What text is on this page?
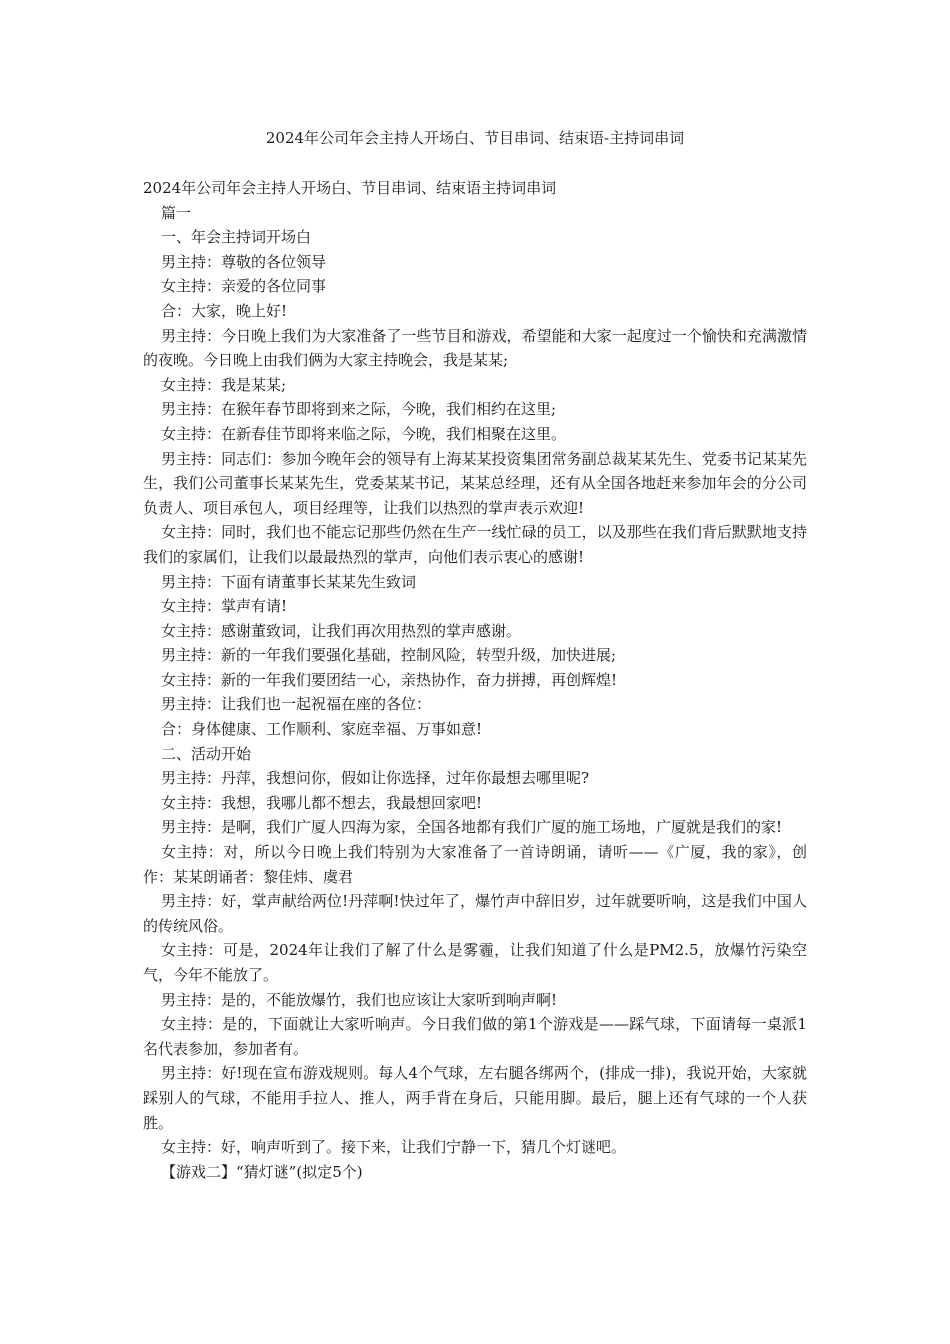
2024年公司年会主持人开场白、节目串词、结束语-主持词串词

2024年公司年会主持人开场白、节目串词、结束语主持词串词

篇一

一、年会主持词开场白

男主持：尊敬的各位领导

女主持：亲爱的各位同事

合：大家，晚上好!

男主持：今日晚上我们为大家准备了一些节目和游戏，希望能和大家一起度过一个愉快和充满激情的夜晚。今日晚上由我们俩为大家主持晚会，我是某某;

女主持：我是某某;

男主持：在猴年春节即将到来之际，今晚，我们相约在这里;

女主持：在新春佳节即将来临之际，今晚，我们相聚在这里。

男主持：同志们：参加今晚年会的领导有上海某某投资集团常务副总裁某某先生、党委书记某某先生，我们公司董事长某某先生，党委某某书记，某某总经理，还有从全国各地赶来参加年会的分公司负责人、项目承包人，项目经理等，让我们以热烈的掌声表示欢迎!

女主持：同时，我们也不能忘记那些仍然在生产一线忙碌的员工，以及那些在我们背后默默地支持我们的家属们，让我们以最最热烈的掌声，向他们表示衷心的感谢!

男主持：下面有请董事长某某先生致词

女主持：掌声有请!

女主持：感谢董致词，让我们再次用热烈的掌声感谢。

男主持：新的一年我们要强化基础，控制风险，转型升级，加快进展;

女主持：新的一年我们要团结一心，亲热协作，奋力拼搏，再创辉煌!

男主持：让我们也一起祝福在座的各位：

合：身体健康、工作顺利、家庭幸福、万事如意!

二、活动开始

男主持：丹萍，我想问你，假如让你选择，过年你最想去哪里呢?

女主持：我想，我哪儿都不想去，我最想回家吧!

男主持：是啊，我们广厦人四海为家，全国各地都有我们广厦的施工场地，广厦就是我们的家!

女主持：对，所以今日晚上我们特别为大家准备了一首诗朗诵，请听——《广厦，我的家》，创作：某某朗诵者：黎佳炜、虞君

男主持：好，掌声献给两位!丹萍啊!快过年了，爆竹声中辞旧岁，过年就要听响，这是我们中国人的传统风俗。

女主持：可是，2024年让我们了解了什么是雾霾，让我们知道了什么是PM2.5，放爆竹污染空气，今年不能放了。

男主持：是的，不能放爆竹，我们也应该让大家听到响声啊!

女主持：是的，下面就让大家听响声。今日我们做的第1个游戏是——踩气球，下面请每一桌派1名代表参加，参加者有。

男主持：好!现在宣布游戏规则。每人4个气球，左右腿各绑两个，(排成一排)，我说开始，大家就踩别人的气球，不能用手拉人、推人，两手背在身后，只能用脚。最后，腿上还有气球的一个人获胜。

女主持：好，响声听到了。接下来，让我们宁静一下，猜几个灯谜吧。

【游戏二】“猜灯谜”(拟定5个)
